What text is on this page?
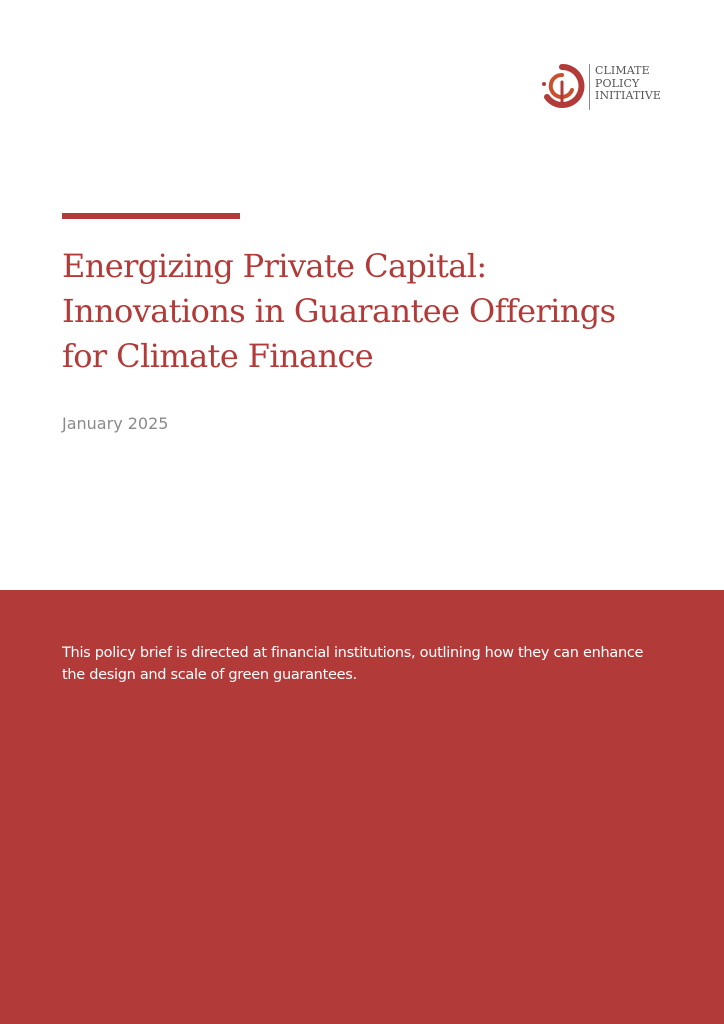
CLIMATE
POLICY
INITIATIVE
Energizing Private Capital:
Innovations in Guarantee Offerings
for Climate Finance
January 2025

This policy brief is directed at financial institutions, outlining how they can enhance
the design and scale of green guarantees.
